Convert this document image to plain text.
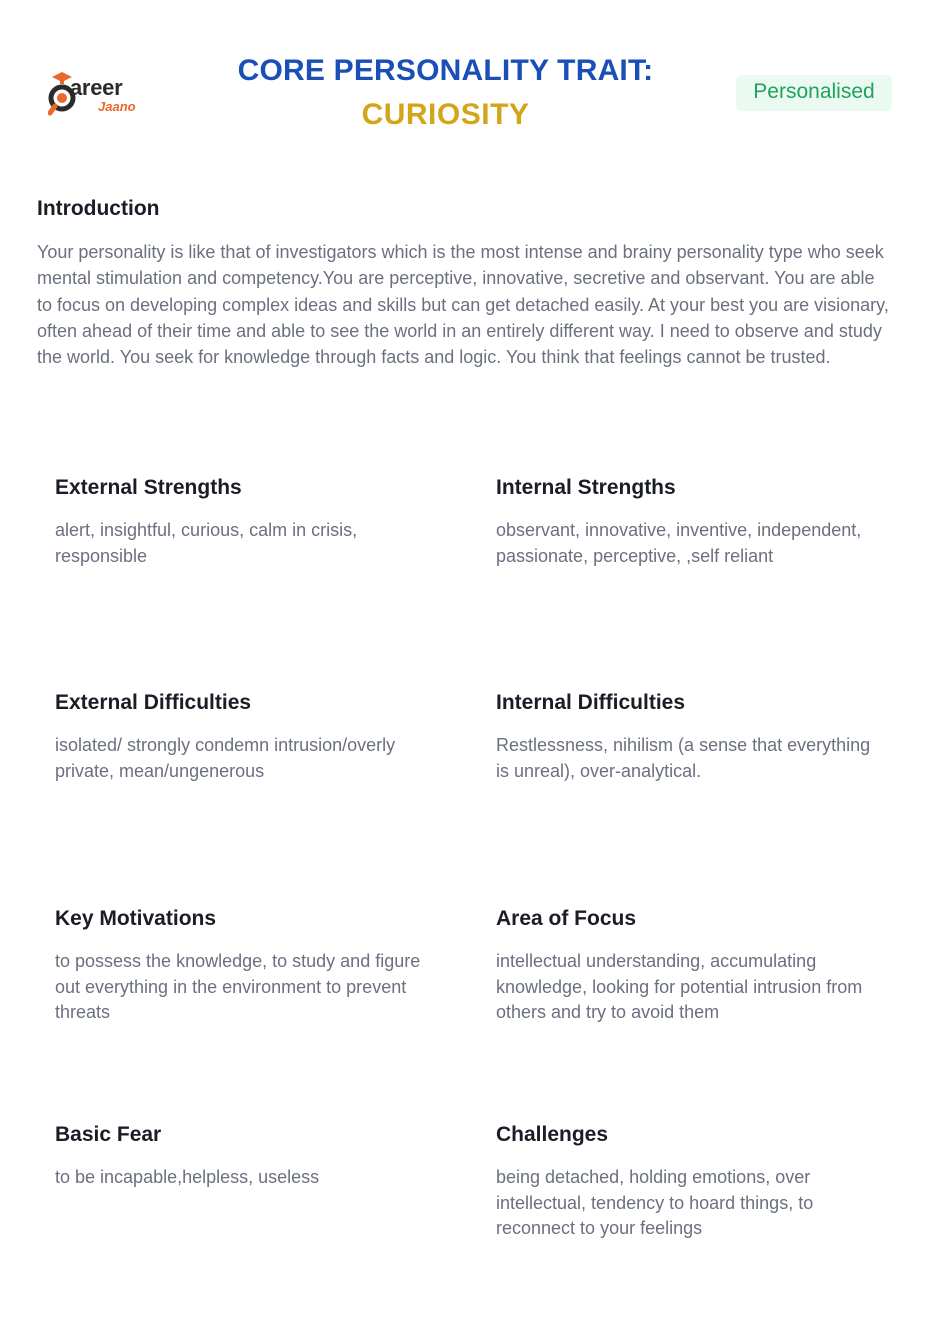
areer
Jaano
CORE PERSONALITY TRAIT:
CURIOSITY
Personalised
Introduction

Your personality is like that of investigators which is the most intense and brainy personality type who seek mental stimulation and competency.You are perceptive, innovative, secretive and observant. You are able to focus on developing complex ideas and skills but can get detached easily. At your best you are visionary, often ahead of their time and able to see the world in an entirely different way. I need to observe and study the world. You seek for knowledge through facts and logic. You think that feelings cannot be trusted.

External Strengths

alert, insightful, curious, calm in crisis, responsible

Internal Strengths

observant, innovative, inventive, independent, passionate, perceptive, ,self reliant

External Difficulties

isolated/ strongly condemn intrusion/overly private, mean/ungenerous

Internal Difficulties

Restlessness, nihilism (a sense that everything is unreal), over-analytical.

Key Motivations

to possess the knowledge, to study and figure out everything in the environment to prevent threats

Area of Focus

intellectual understanding, accumulating knowledge, looking for potential intrusion from others and try to avoid them

Basic Fear

to be incapable,helpless, useless

Challenges

being detached, holding emotions, over intellectual, tendency to hoard things, to reconnect to your feelings
